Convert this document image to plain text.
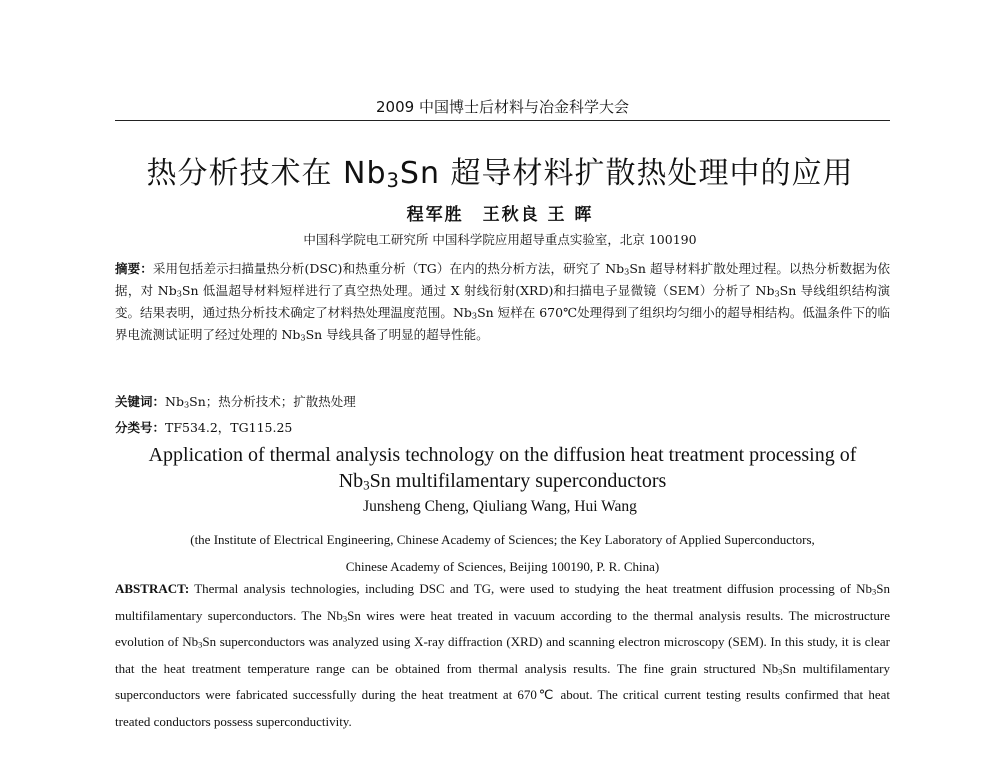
2009 中国博士后材料与冶金科学大会
热分析技术在 $Nb_3Sn$ 超导材料扩散热处理中的应用
程军胜　王秋良 王 晖
中国科学院电工研究所 中国科学院应用超导重点实验室，北京 100190
摘要：采用包括差示扫描量热分析(DSC)和热重分析（TG）在内的热分析方法，研究了 $Nb_3Sn$ 超导材料扩散处理过程。以热分析数据为依据，对 $Nb_3Sn$ 低温超导材料短样进行了真空热处理。通过 X 射线衍射(XRD)和扫描电子显微镜（SEM）分析了 $Nb_3Sn$ 导线组织结构演变。结果表明，通过热分析技术确定了材料热处理温度范围。$Nb_3Sn$ 短样在 670℃处理得到了组织均匀细小的超导相结构。低温条件下的临界电流测试证明了经过处理的 $Nb_3Sn$ 导线具备了明显的超导性能。
关键词：$Nb_3Sn$；热分析技术；扩散热处理
分类号：TF534.2，TG115.25
Application of thermal analysis technology on the diffusion heat treatment processing of
$Nb_3Sn$ multifilamentary superconductors
Junsheng Cheng, Qiuliang Wang, Hui Wang
(the Institute of Electrical Engineering, Chinese Academy of Sciences; the Key Laboratory of Applied Superconductors,
Chinese Academy of Sciences, Beijing 100190, P. R. China)
ABSTRACT: Thermal analysis technologies, including DSC and TG, were used to studying the heat treatment diffusion processing of $Nb_3Sn$ multifilamentary superconductors. The $Nb_3Sn$ wires were heat treated in vacuum according to the thermal analysis results. The microstructure evolution of $Nb_3Sn$ superconductors was analyzed using X-ray diffraction (XRD) and scanning electron microscopy (SEM). In this study, it is clear that the heat treatment temperature range can be obtained from thermal analysis results. The fine grain structured $Nb_3Sn$ multifilamentary superconductors were fabricated successfully during the heat treatment at 670℃ about. The critical current testing results confirmed that heat treated conductors possess superconductivity.
